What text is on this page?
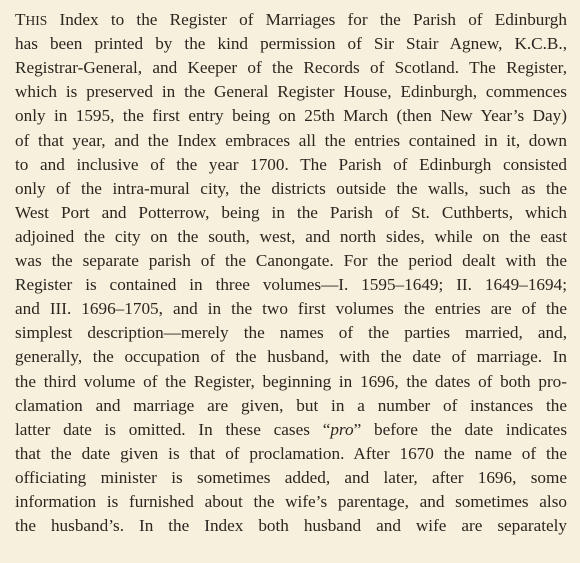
THIS Index to the Register of Marriages for the Parish of Edinburgh
has been printed by the kind permission of Sir Stair Agnew, K.C.B.,
Registrar-General, and Keeper of the Records of Scotland. The Register,
which is preserved in the General Register House, Edinburgh, commences
only in 1595, the first entry being on 25th March (then New Year’s Day)
of that year, and the Index embraces all the entries contained in it, down
to and inclusive of the year 1700. The Parish of Edinburgh consisted
only of the intra-mural city, the districts outside the walls, such as the
West Port and Potterrow, being in the Parish of St. Cuthberts, which
adjoined the city on the south, west, and north sides, while on the east
was the separate parish of the Canongate. For the period dealt with the
Register is contained in three volumes—I. 1595–1649; II. 1649–1694;
and III. 1696–1705, and in the two first volumes the entries are of the
simplest description—merely the names of the parties married, and,
generally, the occupation of the husband, with the date of marriage. In
the third volume of the Register, beginning in 1696, the dates of both pro-
clamation and marriage are given, but in a number of instances the
latter date is omitted. In these cases “pro” before the date indicates
that the date given is that of proclamation. After 1670 the name of the
officiating minister is sometimes added, and later, after 1696, some
information is furnished about the wife’s parentage, and sometimes also
the husband’s. In the Index both husband and wife are separately
